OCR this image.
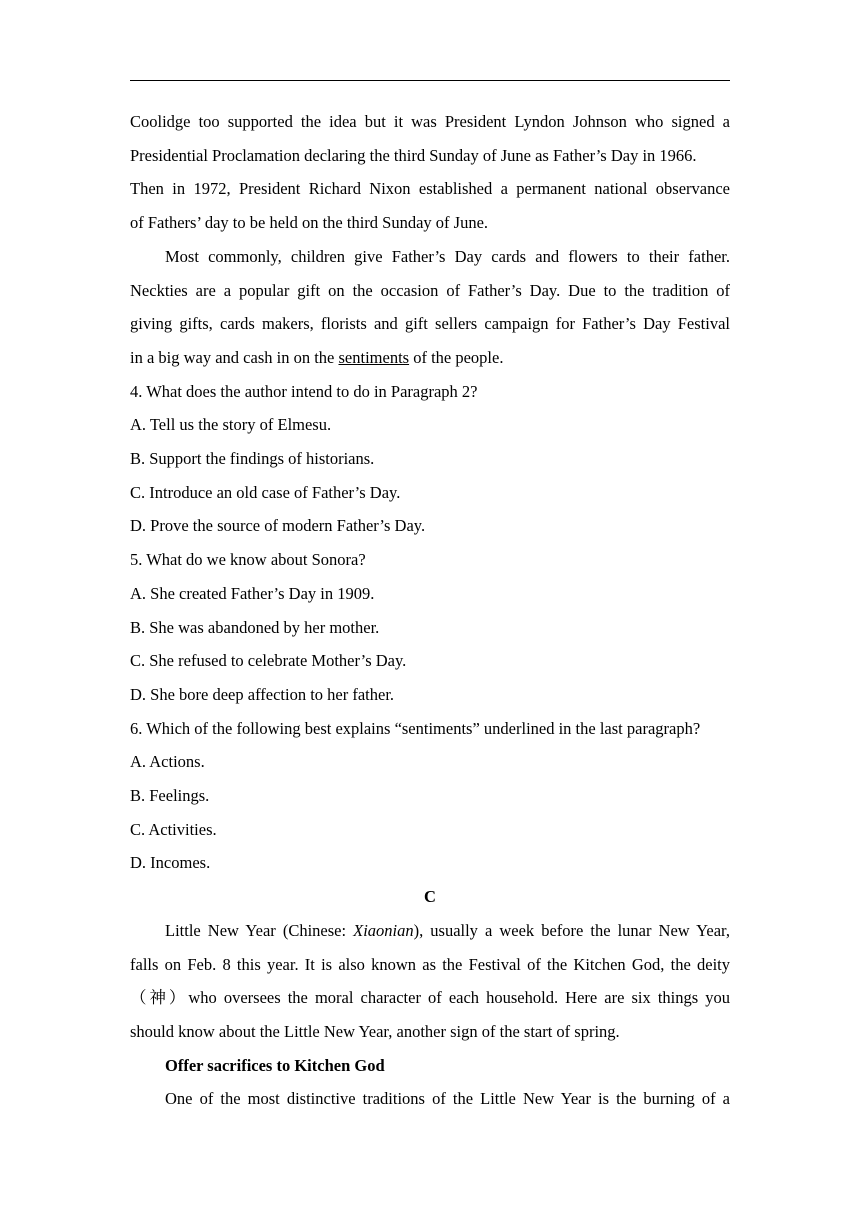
Coolidge too supported the idea but it was President Lyndon Johnson who signed a
Presidential Proclamation declaring the third Sunday of June as Father’s Day in 1966.
Then in 1972, President Richard Nixon established a permanent national observance
of Fathers’ day to be held on the third Sunday of June.
Most commonly, children give Father’s Day cards and flowers to their father.
Neckties are a popular gift on the occasion of Father’s Day. Due to the tradition of
giving gifts, cards makers, florists and gift sellers campaign for Father’s Day Festival
in a big way and cash in on the sentiments of the people.

4. What does the author intend to do in Paragraph 2?

A. Tell us the story of Elmesu.

B. Support the findings of historians.

C. Introduce an old case of Father’s Day.

D. Prove the source of modern Father’s Day.

5. What do we know about Sonora?

A. She created Father’s Day in 1909.

B. She was abandoned by her mother.

C. She refused to celebrate Mother’s Day.

D. She bore deep affection to her father.

6. Which of the following best explains “sentiments” underlined in the last paragraph?

A. Actions.

B. Feelings.

C. Activities.

D. Incomes.

C

Little New Year (Chinese: Xiaonian), usually a week before the lunar New Year,
falls on Feb. 8 this year. It is also known as the Festival of the Kitchen God, the deity
（神）who oversees the moral character of each household. Here are six things you
should know about the Little New Year, another sign of the start of spring.

Offer sacrifices to Kitchen God

One of the most distinctive traditions of the Little New Year is the burning of a
